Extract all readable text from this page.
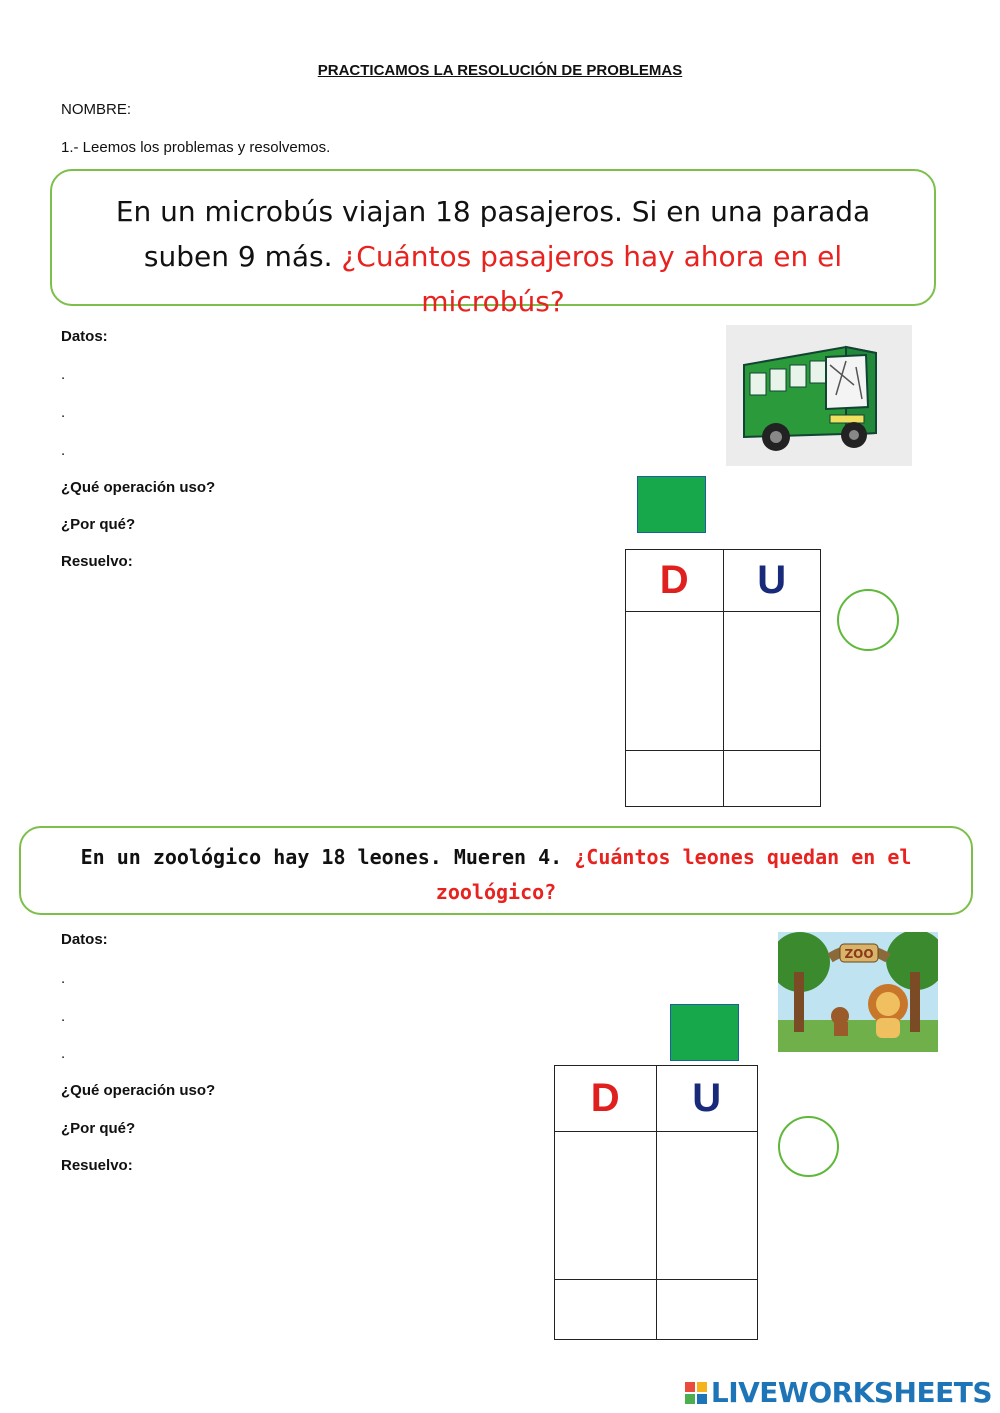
PRACTICAMOS LA RESOLUCIÓN DE PROBLEMAS
NOMBRE:
1.- Leemos los problemas y resolvemos.
En un microbús viajan 18 pasajeros. Si en una parada suben 9 más. ¿Cuántos pasajeros hay ahora en el microbús?
Datos:
.
.
.
¿Qué operación uso?
¿Por qué?
Resuelvo:	D	U

En un zoológico hay 18 leones. Mueren 4. ¿Cuántos leones quedan en el zoológico?
Datos:
.
.
.
¿Qué operación uso?
¿Por qué?
Resuelvo:
ZOO
D	U

LIVEWORKSHEETS
